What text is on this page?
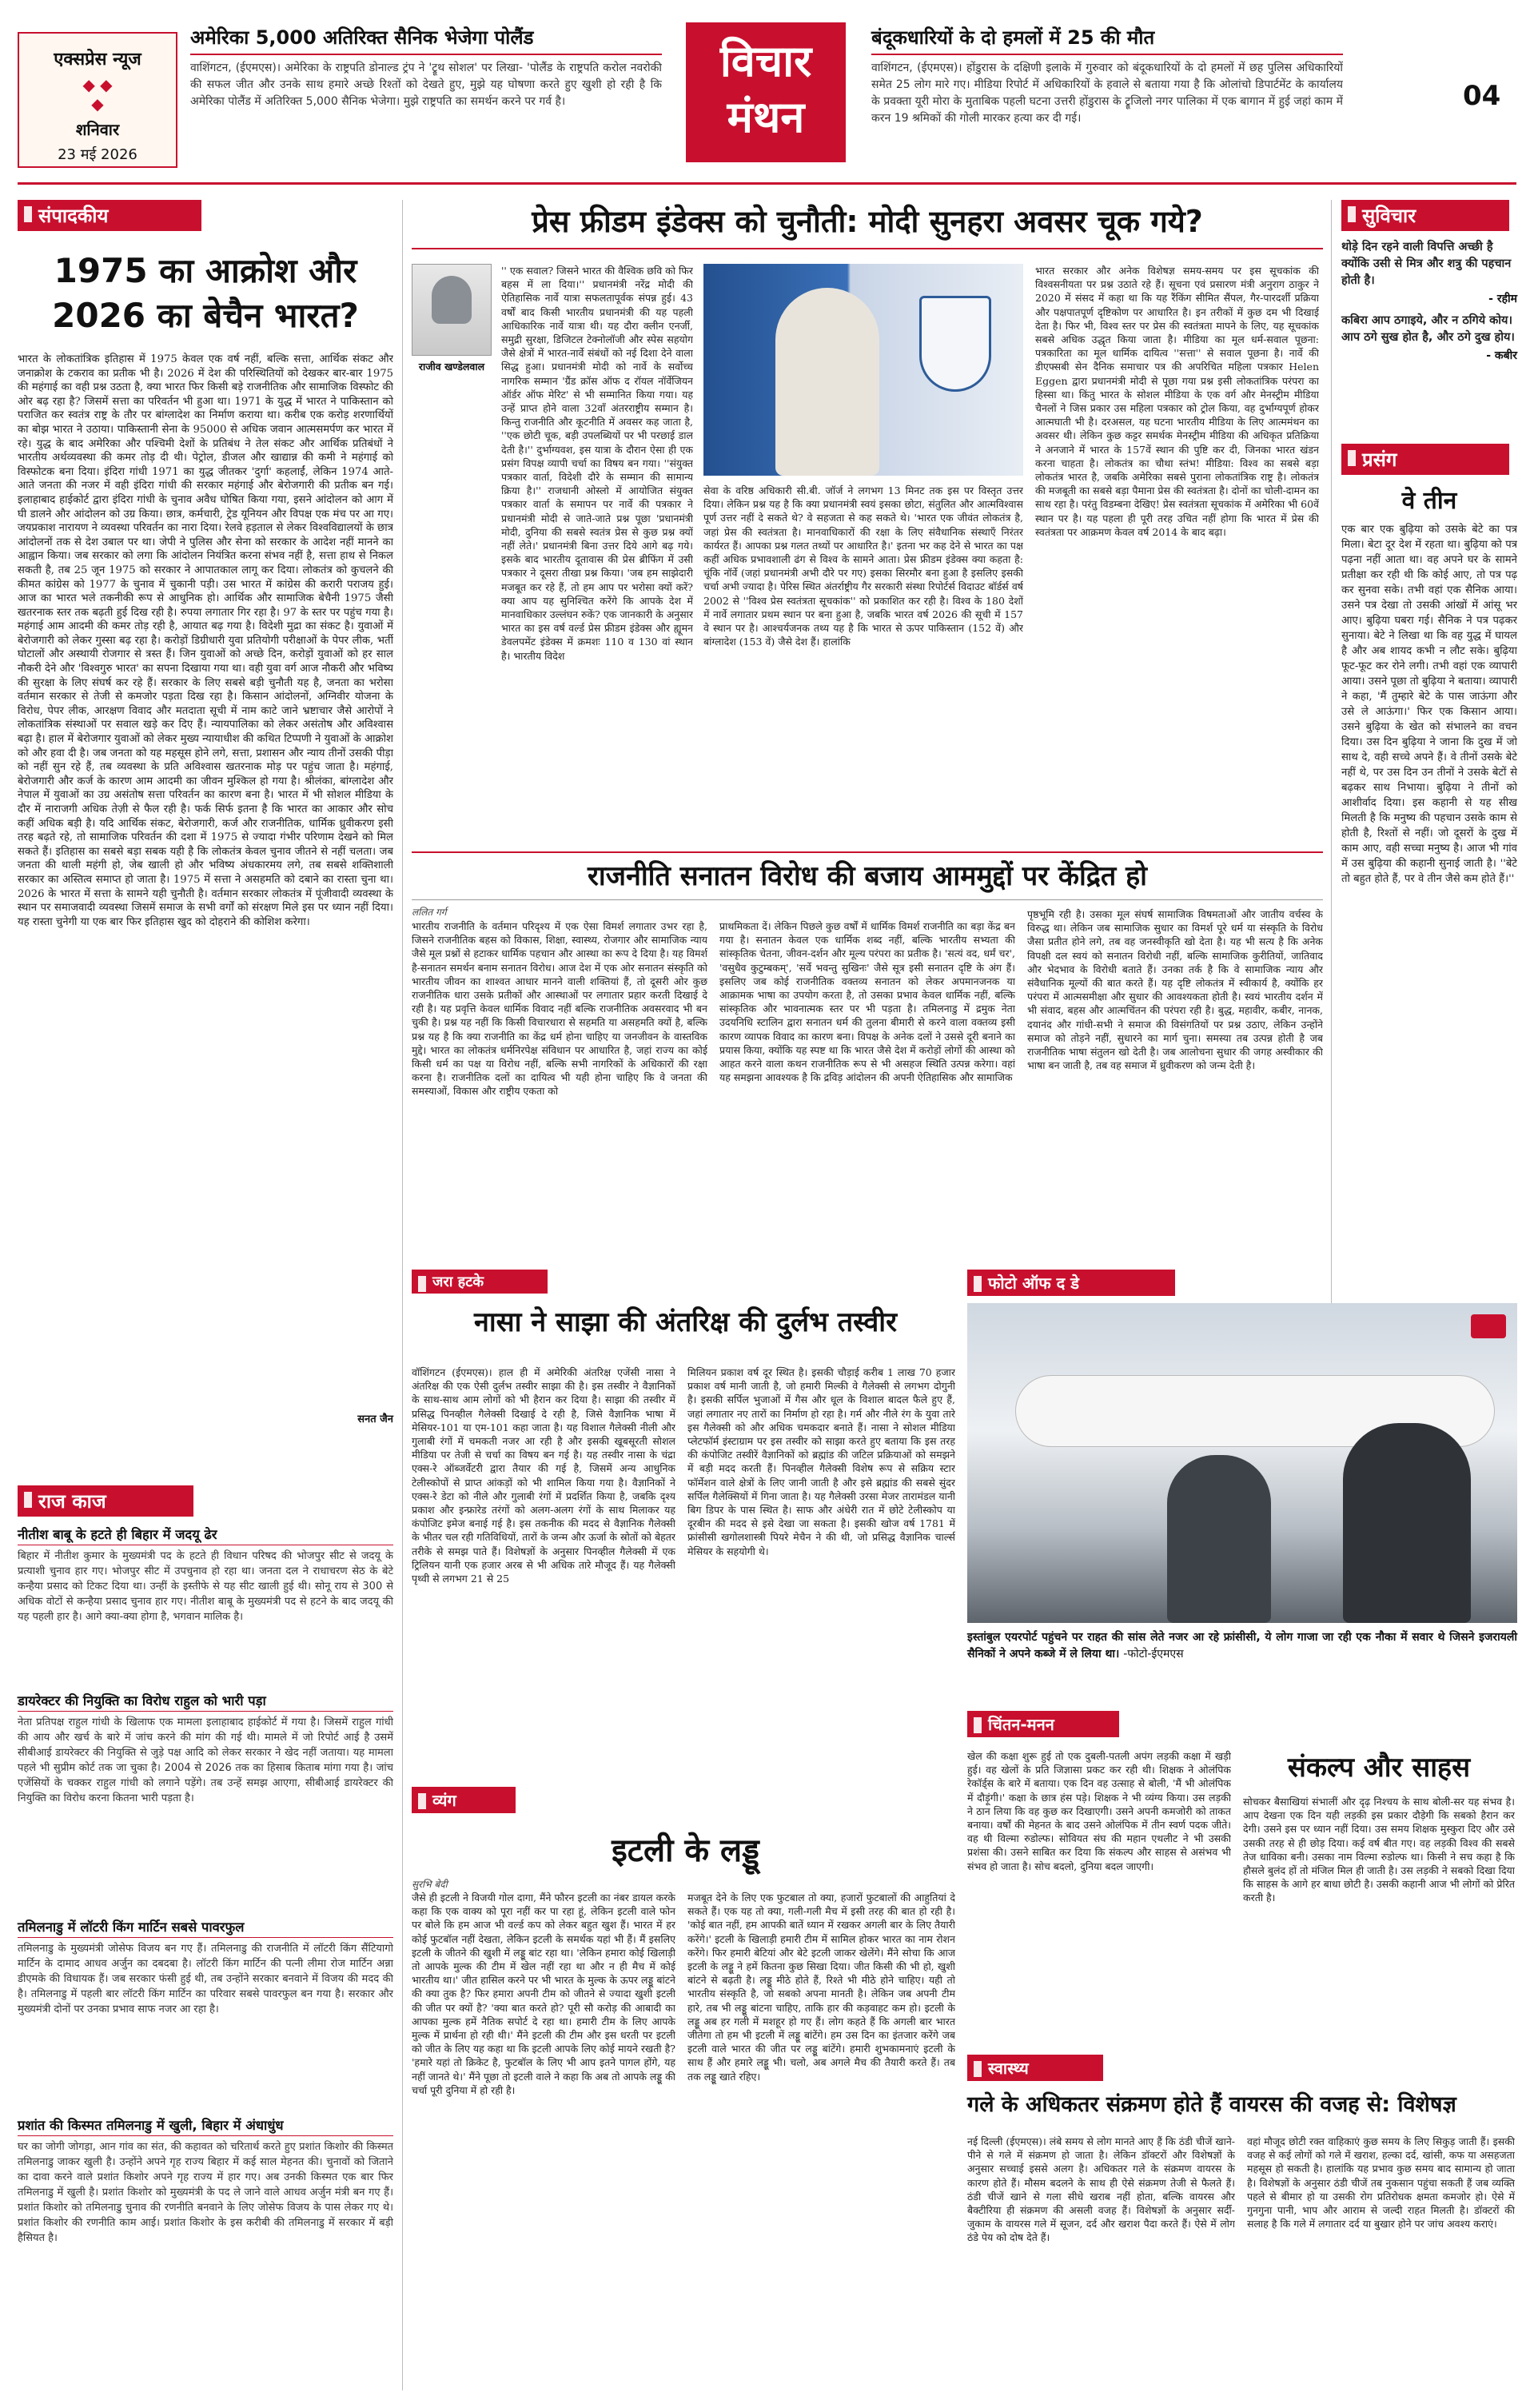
एक्सप्रेस न्यूज
◆ ◆
◆
शनिवार
23 मई 2026
अमेरिका 5,000 अतिरिक्त सैनिक भेजेगा पोलैंड
वाशिंगटन, (ईएमएस)। अमेरिका के राष्ट्रपति डोनाल्ड ट्रंप ने 'ट्रूथ सोशल' पर लिखा- 'पोलैंड के राष्ट्रपति करोल नवरोकी की सफल जीत और उनके साथ हमारे अच्छे रिश्तों को देखते हुए, मुझे यह घोषणा करते हुए खुशी हो रही है कि अमेरिका पोलैंड में अतिरिक्त 5,000 सैनिक भेजेगा। मुझे राष्ट्रपति का समर्थन करने पर गर्व है।
विचार
मंथन
बंदूकधारियों के दो हमलों में 25 की मौत
वाशिंगटन, (ईएमएस)। होंडुरास के दक्षिणी इलाके में गुरुवार को बंदूकधारियों के दो हमलों में छह पुलिस अधिकारियों समेत 25 लोग मारे गए। मीडिया रिपोर्ट में अधिकारियों के हवाले से बताया गया है कि ओलांचो डिपार्टमेंट के कार्यालय के प्रवक्ता यूरी मोरा के मुताबिक पहली घटना उत्तरी होंडुरास के ट्रूजिलो नगर पालिका में एक बागान में हुई जहां काम में करन 19 श्रमिकों की गोली मारकर हत्या कर दी गई।
04
संपादकीय
1975 का आक्रोश और 2026 का बेचैन भारत?
भारत के लोकतांत्रिक इतिहास में 1975 केवल एक वर्ष नहीं, बल्कि सत्ता, आर्थिक संकट और जनाक्रोश के टकराव का प्रतीक भी है। 2026 में देश की परिस्थितियों को देखकर बार-बार 1975 की महंगाई का वही प्रश्न उठता है, क्या भारत फिर किसी बड़े राजनीतिक और सामाजिक विस्फोट की ओर बढ़ रहा है? जिसमें सत्ता का परिवर्तन भी हुआ था। 1971 के युद्ध में भारत ने पाकिस्तान को पराजित कर स्वतंत्र राष्ट्र के तौर पर बांग्लादेश का निर्माण कराया था। करीब एक करोड़ शरणार्थियों का बोझ भारत ने उठाया। पाकिस्तानी सेना के 95000 से अधिक जवान आत्मसमर्पण कर भारत में रहे। युद्ध के बाद अमेरिका और पश्चिमी देशों के प्रतिबंध ने तेल संकट और आर्थिक प्रतिबंधों ने भारतीय अर्थव्यवस्था की कमर तोड़ दी थी। पेट्रोल, डीजल और खाद्यान्न की कमी ने महंगाई को विस्फोटक बना दिया। इंदिरा गांधी 1971 का युद्ध जीतकर 'दुर्गा' कहलाईं, लेकिन 1974 आते-आते जनता की नजर में वही इंदिरा गांधी की सरकार महंगाई और बेरोजगारी की प्रतीक बन गई। इलाहाबाद हाईकोर्ट द्वारा इंदिरा गांधी के चुनाव अवैध घोषित किया गया, इसने आंदोलन को आग में घी डालने और आंदोलन को उग्र किया। छात्र, कर्मचारी, ट्रेड यूनियन और विपक्ष एक मंच पर आ गए। जयप्रकाश नारायण ने व्यवस्था परिवर्तन का नारा दिया। रेलवे हड़ताल से लेकर विश्वविद्यालयों के छात्र आंदोलनों तक से देश उबाल पर था। जेपी ने पुलिस और सेना को सरकार के आदेश नहीं मानने का आह्वान किया। जब सरकार को लगा कि आंदोलन नियंत्रित करना संभव नहीं है, सत्ता हाथ से निकल सकती है, तब 25 जून 1975 को सरकार ने आपातकाल लागू कर दिया। लोकतंत्र को कुचलने की कीमत कांग्रेस को 1977 के चुनाव में चुकानी पड़ी। उस भारत में कांग्रेस की करारी पराजय हुई। आज का भारत भले तकनीकी रूप से आधुनिक हो। आर्थिक और सामाजिक बेचैनी 1975 जैसी खतरनाक स्तर तक बढ़ती हुई दिख रही है। रुपया लगातार गिर रहा है। 97 के स्तर पर पहुंच गया है। महंगाई आम आदमी की कमर तोड़ रही है, आयात बढ़ गया है। विदेशी मुद्रा का संकट है। युवाओं में बेरोजगारी को लेकर गुस्सा बढ़ रहा है। करोड़ों डिग्रीधारी युवा प्रतियोगी परीक्षाओं के पेपर लीक, भर्ती घोटालों और अस्थायी रोजगार से त्रस्त हैं। जिन युवाओं को अच्छे दिन, करोड़ों युवाओं को हर साल नौकरी देने और 'विश्वगुरु भारत' का सपना दिखाया गया था। वही युवा वर्ग आज नौकरी और भविष्य की सुरक्षा के लिए संघर्ष कर रहे हैं। सरकार के लिए सबसे बड़ी चुनौती यह है, जनता का भरोसा वर्तमान सरकार से तेजी से कमजोर पड़ता दिख रहा है। किसान आंदोलनों, अग्निवीर योजना के विरोध, पेपर लीक, आरक्षण विवाद और मतदाता सूची में नाम काटे जाने भ्रष्टाचार जैसे आरोपों ने लोकतांत्रिक संस्थाओं पर सवाल खड़े कर दिए हैं। न्यायपालिका को लेकर असंतोष और अविश्वास बढ़ा है। हाल में बेरोजगार युवाओं को लेकर मुख्य न्यायाधीश की कथित टिप्पणी ने युवाओं के आक्रोश को और हवा दी है। जब जनता को यह महसूस होने लगे, सत्ता, प्रशासन और न्याय तीनों उसकी पीड़ा को नहीं सुन रहे हैं, तब व्यवस्था के प्रति अविश्वास खतरनाक मोड़ पर पहुंच जाता है। महंगाई, बेरोजगारी और कर्ज के कारण आम आदमी का जीवन मुश्किल हो गया है। श्रीलंका, बांग्लादेश और नेपाल में युवाओं का उग्र असंतोष सत्ता परिवर्तन का कारण बना है। भारत में भी सोशल मीडिया के दौर में नाराजगी अधिक तेज़ी से फैल रही है। फर्क सिर्फ इतना है कि भारत का आकार और सोच कहीं अधिक बड़ी है। यदि आर्थिक संकट, बेरोजगारी, कर्ज और राजनीतिक, धार्मिक ध्रुवीकरण इसी तरह बढ़ते रहे, तो सामाजिक परिवर्तन की दशा में 1975 से ज्यादा गंभीर परिणाम देखने को मिल सकते हैं। इतिहास का सबसे बड़ा सबक यही है कि लोकतंत्र केवल चुनाव जीतने से नहीं चलता। जब जनता की थाली महंगी हो, जेब खाली हो और भविष्य अंधकारमय लगे, तब सबसे शक्तिशाली सरकार का अस्तित्व समाप्त हो जाता है। 1975 में सत्ता ने असहमति को दबाने का रास्ता चुना था। 2026 के भारत में सत्ता के सामने यही चुनौती है। वर्तमान सरकार लोकतंत्र में पूंजीवादी व्यवस्था के स्थान पर समाजवादी व्यवस्था जिसमें समाज के सभी वर्गों को संरक्षण मिले इस पर ध्यान नहीं दिया। यह रास्ता चुनेगी या एक बार फिर इतिहास खुद को दोहराने की कोशिश करेगा।
सनत जैन
राज काज
नीतीश बाबू के हटते ही बिहार में जदयू ढेर
बिहार में नीतीश कुमार के मुख्यमंत्री पद के हटते ही विधान परिषद की भोजपुर सीट से जदयू के प्रत्याशी चुनाव हार गए। भोजपुर सीट में उपचुनाव हो रहा था। जनता दल ने राधाचरण सेठ के बेटे कन्हैया प्रसाद को टिकट दिया था। उन्हीं के इस्तीफे से यह सीट खाली हुई थी। सोनू राय से 300 से अधिक वोटों से कन्हैया प्रसाद चुनाव हार गए। नीतीश बाबू के मुख्यमंत्री पद से हटने के बाद जदयू की यह पहली हार है। आगे क्या-क्या होगा है, भगवान मालिक है।
डायरेक्टर की नियुक्ति का विरोध राहुल को भारी पड़ा
नेता प्रतिपक्ष राहुल गांधी के खिलाफ एक मामला इलाहाबाद हाईकोर्ट में गया है। जिसमें राहुल गांधी की आय और खर्च के बारे में जांच करने की मांग की गई थी। मामले में जो रिपोर्ट आई है उसमें सीबीआई डायरेक्टर की नियुक्ति से जुड़े पक्ष आदि को लेकर सरकार ने खेद नहीं जताया। यह मामला पहले भी सुप्रीम कोर्ट तक जा चुका है। 2004 से 2026 तक का हिसाब किताब मांगा गया है। जांच एजेंसियों के चक्कर राहुल गांधी को लगाने पड़ेंगे। तब उन्हें समझ आएगा, सीबीआई डायरेक्टर की नियुक्ति का विरोध करना कितना भारी पड़ता है।
तमिलनाडु में लॉटरी किंग मार्टिन सबसे पावरफुल
तमिलनाडु के मुख्यमंत्री जोसेफ विजय बन गए हैं। तमिलनाडु की राजनीति में लॉटरी किंग सैंटियागो मार्टिन के दामाद आधव अर्जुन का दबदबा है। लॉटरी किंग मार्टिन की पत्नी लीमा रोज मार्टिन अन्ना डीएमके की विधायक हैं। जब सरकार फंसी हुई थी, तब उन्होंने सरकार बनवाने में विजय की मदद की है। तमिलनाडु में पहली बार लॉटरी किंग मार्टिन का परिवार सबसे पावरफुल बन गया है। सरकार और मुख्यमंत्री दोनों पर उनका प्रभाव साफ नजर आ रहा है।
प्रशांत की किस्मत तमिलनाडु में खुली, बिहार में अंधाधुंध
घर का जोगी जोगड़ा, आन गांव का संत, की कहावत को चरितार्थ करते हुए प्रशांत किशोर की किस्मत तमिलनाडु जाकर खुली है। उन्होंने अपने गृह राज्य बिहार में कई साल मेहनत की। चुनावों को जिताने का दावा करने वाले प्रशांत किशोर अपने गृह राज्य में हार गए। अब उनकी किस्मत एक बार फिर तमिलनाडु में खुली है। प्रशांत किशोर को मुख्यमंत्री के पद ले जाने वाले आधव अर्जुन मंत्री बन गए हैं। प्रशांत किशोर को तमिलनाडु चुनाव की रणनीति बनवाने के लिए जोसेफ विजय के पास लेकर गए थे। प्रशांत किशोर की रणनीति काम आई। प्रशांत किशोर के इस करीबी की तमिलनाडु में सरकार में बड़ी हैसियत है।
प्रेस फ्रीडम इंडेक्स को चुनौती: मोदी सुनहरा अवसर चूक गये?
राजीव खण्डेलवाल
'' एक सवाल? जिसने भारत की वैश्विक छवि को फिर बहस में ला दिया।'' प्रधानमंत्री नरेंद्र मोदी की ऐतिहासिक नार्वे यात्रा सफलतापूर्वक संपन्न हुई। 43 वर्षों बाद किसी भारतीय प्रधानमंत्री की यह पहली आधिकारिक नार्वे यात्रा थी। यह दौरा क्लीन एनर्जी, समुद्री सुरक्षा, डिजिटल टेक्नोलॉजी और स्पेस सहयोग जैसे क्षेत्रों में भारत-नार्वे संबंधों को नई दिशा देने वाला सिद्ध हुआ। प्रधानमंत्री मोदी को नार्वे के सर्वोच्च नागरिक सम्मान 'ग्रैंड क्रॉस ऑफ द रॉयल नॉर्वेजियन ऑर्डर ऑफ मेरिट' से भी सम्मानित किया गया। यह उन्हें प्राप्त होने वाला 32वाँ अंतरराष्ट्रीय सम्मान है। किन्तु राजनीति और कूटनीति में अवसर कह जाता है, ''एक छोटी चूक, बड़ी उपलब्धियों पर भी परछाई डाल देती है।'' दुर्भाग्यवश, इस यात्रा के दौरान ऐसा ही एक प्रसंग विपक्ष व्यापी चर्चा का विषय बन गया। ''संयुक्त पत्रकार वार्ता, विदेशी दौरे के सम्मान की सामान्य क्रिया है।'' राजधानी ओस्लो में आयोजित संयुक्त पत्रकार वार्ता के समापन पर नार्वे की पत्रकार ने प्रधानमंत्री मोदी से जाते-जाते प्रश्न पूछा 'प्रधानमंत्री मोदी, दुनिया की सबसे स्वतंत्र प्रेस से कुछ प्रश्न क्यों नहीं लेते।' प्रधानमंत्री बिना उत्तर दिये आगे बढ़ गये। इसके बाद भारतीय दूतावास की प्रेस ब्रीफिंग में उसी पत्रकार ने दूसरा तीखा प्रश्न किया। 'जब हम साझेदारी मजबूत कर रहे हैं, तो हम आप पर भरोसा क्यों करें? क्या आप यह सुनिश्चित करेंगे कि आपके देश में मानवाधिकार उल्लंघन रुकें? एक जानकारी के अनुसार भारत का इस वर्ष वर्ल्ड प्रेस फ्रीडम इंडेक्स और ह्यूमन डेवलपमेंट इंडेक्स में क्रमशः 110 व 130 वां स्थान है। भारतीय विदेश
सेवा के वरिष्ठ अधिकारी सी.बी. जॉर्ज ने लगभग 13 मिनट तक इस पर विस्तृत उत्तर दिया। लेकिन प्रश्न यह है कि क्या प्रधानमंत्री स्वयं इसका छोटा, संतुलित और आत्मविश्वास पूर्ण उत्तर नहीं दे सकते थे? वे सहजता से कह सकते थे। 'भारत एक जीवंत लोकतंत्र है, जहां प्रेस की स्वतंत्रता है। मानवाधिकारों की रक्षा के लिए संवैधानिक संस्थाएँ निरंतर कार्यरत हैं। आपका प्रश्न गलत तथ्यों पर आधारित है।' इतना भर कह देने से भारत का पक्ष कहीं अधिक प्रभावशाली ढंग से विश्व के सामने आता। प्रेस फ्रीडम इंडेक्स क्या कहता है: चूंकि नॉर्वे (जहां प्रधानमंत्री अभी दौरे पर गए) इसका सिरमौर बना हुआ है इसलिए इसकी चर्चा अभी ज्यादा है। पेरिस स्थित अंतर्राष्ट्रीय गैर सरकारी संस्था रिपोर्टर्स विदाउट बॉर्डर्स वर्ष 2002 से ''विश्व प्रेस स्वतंत्रता सूचकांक'' को प्रकाशित कर रही है। विश्व के 180 देशों में नार्वे लगातार प्रथम स्थान पर बना हुआ है, जबकि भारत वर्ष 2026 की सूची में 157 वे स्थान पर है। आश्चर्यजनक तथ्य यह है कि भारत से ऊपर पाकिस्तान (152 वें) और बांग्लादेश (153 वें) जैसे देश हैं। हालांकि
भारत सरकार और अनेक विशेषज्ञ समय-समय पर इस सूचकांक की विश्वसनीयता पर प्रश्न उठाते रहे हैं। सूचना एवं प्रसारण मंत्री अनुराग ठाकुर ने 2020 में संसद में कहा था कि यह रैंकिंग सीमित सैंपल, गैर-पारदर्शी प्रक्रिया और पक्षपातपूर्ण दृष्टिकोण पर आधारित है। इन तरीकों में कुछ दम भी दिखाई देता है। फिर भी, विश्व स्तर पर प्रेस की स्वतंत्रता मापने के लिए, यह सूचकांक सबसे अधिक उद्धृत किया जाता है। मीडिया का मूल धर्म-सवाल पूछना: पत्रकारिता का मूल धार्मिक दायित्व ''सत्ता'' से सवाल पूछना है। नार्वे की डीएफ्सबी सेन दैनिक समाचार पत्र की अपरिचित महिला पत्रकार Helen Eggen द्वारा प्रधानमंत्री मोदी से पूछा गया प्रश्न इसी लोकतांत्रिक परंपरा का हिस्सा था। किंतु भारत के सोशल मीडिया के एक वर्ग और मेनस्ट्रीम मीडिया चैनलों ने जिस प्रकार उस महिला पत्रकार को ट्रोल किया, वह दुर्भाग्यपूर्ण होकर आत्मघाती भी है। दरअसल, यह घटना भारतीय मीडिया के लिए आत्ममंथन का अवसर थी। लेकिन कुछ कट्टर समर्थक मेनस्ट्रीम मीडिया की अधिकृत प्रतिक्रिया ने अनजाने में भारत के 157वें स्थान की पुष्टि कर दी, जिनका भारत खंडन करना चाहता है। लोकतंत्र का चौथा स्तंभ! मीडिया: विश्व का सबसे बड़ा लोकतंत्र भारत है, जबकि अमेरिका सबसे पुराना लोकतांत्रिक राष्ट्र है। लोकतंत्र की मजबूती का सबसे बड़ा पैमाना प्रेस की स्वतंत्रता है। दोनों का चोली-दामन का साथ रहा है। परंतु विडम्बना देखिए! प्रेस स्वतंत्रता सूचकांक में अमेरिका भी 60वें स्थान पर है। यह पहला ही पूरी तरह उचित नहीं होगा कि भारत में प्रेस की स्वतंत्रता पर आक्रमण केवल वर्ष 2014 के बाद बढ़ा।
सुविचार
थोड़े दिन रहने वाली विपत्ति अच्छी है क्योंकि उसी से मित्र और शत्रु की पहचान होती है।
- रहीम
कबिरा आप ठगाइये, और न ठगिये कोय। आप ठगे सुख होत है, और ठगे दुख होय।
- कबीर
प्रसंग
वे तीन
एक बार एक बुढ़िया को उसके बेटे का पत्र मिला। बेटा दूर देश में रहता था। बुढ़िया को पत्र पढ़ना नहीं आता था। वह अपने घर के सामने प्रतीक्षा कर रही थी कि कोई आए, तो पत्र पढ़ कर सुनवा सके। तभी वहां एक सैनिक आया। उसने पत्र देखा तो उसकी आंखों में आंसू भर आए। बुढ़िया घबरा गई। सैनिक ने पत्र पढ़कर सुनाया। बेटे ने लिखा था कि वह युद्ध में घायल है और अब शायद कभी न लौट सके। बुढ़िया फूट-फूट कर रोने लगी। तभी वहां एक व्यापारी आया। उसने पूछा तो बुढ़िया ने बताया। व्यापारी ने कहा, 'मैं तुम्हारे बेटे के पास जाऊंगा और उसे ले आऊंगा।' फिर एक किसान आया। उसने बुढ़िया के खेत को संभालने का वचन दिया। उस दिन बुढ़िया ने जाना कि दुख में जो साथ दे, वही सच्चे अपने हैं। वे तीनों उसके बेटे नहीं थे, पर उस दिन उन तीनों ने उसके बेटों से बढ़कर साथ निभाया। बुढ़िया ने तीनों को आशीर्वाद दिया। इस कहानी से यह सीख मिलती है कि मनुष्य की पहचान उसके काम से होती है, रिश्तों से नहीं। जो दूसरों के दुख में काम आए, वही सच्चा मनुष्य है। आज भी गांव में उस बुढ़िया की कहानी सुनाई जाती है। ''बेटे तो बहुत होते हैं, पर वे तीन जैसे कम होते हैं।''
राजनीति सनातन विरोध की बजाय आममुद्दों पर केंद्रित हो
ललित गर्ग
भारतीय राजनीति के वर्तमान परिदृश्य में एक ऐसा विमर्श लगातार उभर रहा है, जिसने राजनीतिक बहस को विकास, शिक्षा, स्वास्थ्य, रोजगार और सामाजिक न्याय जैसे मूल प्रश्नों से हटाकर धार्मिक पहचान और आस्था का रूप दे दिया है। यह विमर्श है-सनातन समर्थन बनाम सनातन विरोध। आज देश में एक ओर सनातन संस्कृति को भारतीय जीवन का शाश्वत आधार मानने वाली शक्तियां हैं, तो दूसरी ओर कुछ राजनीतिक धारा उसके प्रतीकों और आस्थाओं पर लगातार प्रहार करती दिखाई दे रही है। यह प्रवृत्ति केवल धार्मिक विवाद नहीं बल्कि राजनीतिक अवसरवाद भी बन चुकी है। प्रश्न यह नहीं कि किसी विचारधारा से सहमति या असहमति क्यों है, बल्कि प्रश्न यह है कि क्या राजनीति का केंद्र धर्म होना चाहिए या जनजीवन के वास्तविक मुद्दे। भारत का लोकतंत्र धर्मनिरपेक्ष संविधान पर आधारित है, जहां राज्य का कोई किसी धर्म का पक्ष या विरोध नहीं, बल्कि सभी नागरिकों के अधिकारों की रक्षा करना है। राजनीतिक दलों का दायित्व भी यही होना चाहिए कि वे जनता की समस्याओं, विकास और राष्ट्रीय एकता को
प्राथमिकता दें। लेकिन पिछले कुछ वर्षों में धार्मिक विमर्श राजनीति का बड़ा केंद्र बन गया है। सनातन केवल एक धार्मिक शब्द नहीं, बल्कि भारतीय सभ्यता की सांस्कृतिक चेतना, जीवन-दर्शन और मूल्य परंपरा का प्रतीक है। 'सत्यं वद, धर्मं चर', 'वसुधैव कुटुम्बकम्', 'सर्वे भवन्तु सुखिनः' जैसे सूत्र इसी सनातन दृष्टि के अंग हैं। इसलिए जब कोई राजनीतिक वक्तव्य सनातन को लेकर अपमानजनक या आक्रामक भाषा का उपयोग करता है, तो उसका प्रभाव केवल धार्मिक नहीं, बल्कि सांस्कृतिक और भावनात्मक स्तर पर भी पड़ता है। तमिलनाडु में द्रमुक नेता उदयनिधि स्टालिन द्वारा सनातन धर्म की तुलना बीमारी से करने वाला वक्तव्य इसी कारण व्यापक विवाद का कारण बना। विपक्ष के अनेक दलों ने उससे दूरी बनाने का प्रयास किया, क्योंकि यह स्पष्ट था कि भारत जैसे देश में करोड़ों लोगों की आस्था को आहत करने वाला कथन राजनीतिक रूप से भी असहज स्थिति उत्पन्न करेगा। वहां यह समझना आवश्यक है कि द्रविड़ आंदोलन की अपनी ऐतिहासिक और सामाजिक
पृष्ठभूमि रही है। उसका मूल संघर्ष सामाजिक विषमताओं और जातीय वर्चस्व के विरुद्ध था। लेकिन जब सामाजिक सुधार का विमर्श पूरे धर्म या संस्कृति के विरोध जैसा प्रतीत होने लगे, तब वह जनस्वीकृति खो देता है। यह भी सत्य है कि अनेक विपक्षी दल स्वयं को सनातन विरोधी नहीं, बल्कि सामाजिक कुरीतियों, जातिवाद और भेदभाव के विरोधी बताते हैं। उनका तर्क है कि वे सामाजिक न्याय और संवैधानिक मूल्यों की बात करते हैं। यह दृष्टि लोकतंत्र में स्वीकार्य है, क्योंकि हर परंपरा में आत्मसमीक्षा और सुधार की आवश्यकता होती है। स्वयं भारतीय दर्शन में भी संवाद, बहस और आत्मचिंतन की परंपरा रही है। बुद्ध, महावीर, कबीर, नानक, दयानंद और गांधी-सभी ने समाज की विसंगतियों पर प्रश्न उठाए, लेकिन उन्होंने समाज को तोड़ने नहीं, सुधारने का मार्ग चुना। समस्या तब उत्पन्न होती है जब राजनीतिक भाषा संतुलन खो देती है। जब आलोचना सुधार की जगह अस्वीकार की भाषा बन जाती है, तब वह समाज में ध्रुवीकरण को जन्म देती है।
जरा हटके
नासा ने साझा की अंतरिक्ष की दुर्लभ तस्वीर
वॉशिंगटन (ईएमएस)। हाल ही में अमेरिकी अंतरिक्ष एजेंसी नासा ने अंतरिक्ष की एक ऐसी दुर्लभ तस्वीर साझा की है। इस तस्वीर ने वैज्ञानिकों के साथ-साथ आम लोगों को भी हैरान कर दिया है। साझा की तस्वीर में प्रसिद्ध पिनव्हील गैलेक्सी दिखाई दे रही है, जिसे वैज्ञानिक भाषा में मेसियर-101 या एम-101 कहा जाता है। यह विशाल गैलेक्सी नीली और गुलाबी रंगों में चमकती नजर आ रही है और इसकी खूबसूरती सोशल मीडिया पर तेजी से चर्चा का विषय बन गई है। यह तस्वीर नासा के चंद्रा एक्स-रे ऑब्जर्वेटरी द्वारा तैयार की गई है, जिसमें अन्य आधुनिक टेलीस्कोपों से प्राप्त आंकड़ों को भी शामिल किया गया है। वैज्ञानिकों ने एक्स-रे डेटा को नीले और गुलाबी रंगों में प्रदर्शित किया है, जबकि दृश्य प्रकाश और इन्फ्रारेड तरंगों को अलग-अलग रंगों के साथ मिलाकर यह कंपोजिट इमेज बनाई गई है। इस तकनीक की मदद से वैज्ञानिक गैलेक्सी के भीतर चल रही गतिविधियों, तारों के जन्म और ऊर्जा के स्रोतों को बेहतर तरीके से समझ पाते हैं। विशेषज्ञों के अनुसार पिनव्हील गैलेक्सी में एक ट्रिलियन यानी एक हजार अरब से भी अधिक तारे मौजूद हैं। यह गैलेक्सी पृथ्वी से लगभग 21 से 25
मिलियन प्रकाश वर्ष दूर स्थित है। इसकी चौड़ाई करीब 1 लाख 70 हजार प्रकाश वर्ष मानी जाती है, जो हमारी मिल्की वे गैलेक्सी से लगभग दोगुनी है। इसकी सर्पिल भुजाओं में गैस और धूल के विशाल बादल फैले हुए हैं, जहां लगातार नए तारों का निर्माण हो रहा है। गर्म और नीले रंग के युवा तारे इस गैलेक्सी को और अधिक चमकदार बनाते हैं। नासा ने सोशल मीडिया प्लेटफॉर्म इंस्टाग्राम पर इस तस्वीर को साझा करते हुए बताया कि इस तरह की कंपोजिट तस्वीरें वैज्ञानिकों को ब्रह्मांड की जटिल प्रक्रियाओं को समझने में बड़ी मदद करती हैं। पिनव्हील गैलेक्सी विशेष रूप से सक्रिय स्टार फॉर्मेशन वाले क्षेत्रों के लिए जानी जाती है और इसे ब्रह्मांड की सबसे सुंदर सर्पिल गैलेक्सियों में गिना जाता है। यह गैलेक्सी उरसा मेजर तारामंडल यानी बिग डिपर के पास स्थित है। साफ और अंधेरी रात में छोटे टेलीस्कोप या दूरबीन की मदद से इसे देखा जा सकता है। इसकी खोज वर्ष 1781 में फ्रांसीसी खगोलशास्त्री पियरे मेचैन ने की थी, जो प्रसिद्ध वैज्ञानिक चार्ल्स मेसियर के सहयोगी थे।
फोटो ऑफ द डे
इस्तांबुल एयरपोर्ट पहुंचने पर राहत की सांस लेते नजर आ रहे फ्रांसीसी, ये लोग गाजा जा रही एक नौका में सवार थे जिसने इजरायली सैनिकों ने अपने कब्जे में ले लिया था। -फोटो-ईएमएस
व्यंग
इटली के लड्डू
सुरभि बेदी
जैसे ही इटली ने विजयी गोल दागा, मैंने फौरन इटली का नंबर डायल करके कहा कि एक वाक्य को पूरा नहीं कर पा रहा हूं, लेकिन इटली वाले फोन पर बोले कि हम आज भी वर्ल्ड कप को लेकर बहुत खुश हैं। भारत में हर कोई फुटबॉल नहीं देखता, लेकिन इटली के समर्थक यहां भी हैं। मैं इसलिए इटली के जीतने की खुशी में लड्डू बांट रहा था। 'लेकिन हमारा कोई खिलाड़ी तो आपके मुल्क की टीम में खेल नहीं रहा था और न ही मैच में कोई भारतीय था।' जीत हासिल करने पर भी भारत के मुल्क के ऊपर लड्डू बांटने की क्या तुक है? फिर हमारा अपनी टीम को जीतने से ज्यादा खुशी इटली की जीत पर क्यों है? 'क्या बात करते हो? पूरी सौ करोड़ की आबादी का आपका मुल्क हमें नैतिक सपोर्ट दे रहा था। हमारी टीम के लिए आपके मुल्क में प्रार्थना हो रही थी।' मैंने इटली की टीम और इस धरती पर इटली को जीत के लिए यह कहा था कि इटली आपके लिए कोई मायने रखती है? 'हमारे यहां तो क्रिकेट है, फुटबॉल के लिए भी आप इतने पागल होंगे, यह नहीं जानते थे।' मैंने पूछा तो इटली वाले ने कहा कि अब तो आपके लड्डू की चर्चा पूरी दुनिया में हो रही है।
मजबूत देने के लिए एक फुटबाल तो क्या, हजारों फुटबालों की आहुतियां दे सकते हैं। एक यह तो क्या, गली-गली मैच में इसी तरह की बात हो रही है। 'कोई बात नहीं, हम आपकी बातें ध्यान में रखकर अगली बार के लिए तैयारी करेंगे।' इटली के खिलाड़ी हमारी टीम में सामिल होकर भारत का नाम रोशन करेंगे। फिर हमारी बेटियां और बेटे इटली जाकर खेलेंगे। मैंने सोचा कि आज इटली के लड्डू ने हमें कितना कुछ सिखा दिया। जीत किसी की भी हो, खुशी बांटने से बढ़ती है। लड्डू मीठे होते हैं, रिश्ते भी मीठे होने चाहिए। यही तो भारतीय संस्कृति है, जो सबको अपना मानती है। लेकिन जब अपनी टीम हारे, तब भी लड्डू बांटना चाहिए, ताकि हार की कड़वाहट कम हो। इटली के लड्डू अब हर गली में मशहूर हो गए हैं। लोग कहते हैं कि अगली बार भारत जीतेगा तो हम भी इटली में लड्डू बांटेंगे। हम उस दिन का इंतजार करेंगे जब इटली वाले भारत की जीत पर लड्डू बांटेंगे। हमारी शुभकामनाएं इटली के साथ हैं और हमारे लड्डू भी। चलो, अब अगले मैच की तैयारी करते हैं। तब तक लड्डू खाते रहिए।
चिंतन-मनन
खेल की कक्षा शुरू हुई तो एक दुबली-पतली अपंग लड़की कक्षा में खड़ी हुई। वह खेलों के प्रति जिज्ञासा प्रकट कर रही थी। शिक्षक ने ओलंपिक रेकॉर्ड्स के बारे में बताया। एक दिन वह उत्साह से बोली, 'मैं भी ओलंपिक में दौड़ूंगी।' कक्षा के छात्र हंस पड़े। शिक्षक ने भी व्यंग्य किया। उस लड़की ने ठान लिया कि वह कुछ कर दिखाएगी। उसने अपनी कमजोरी को ताकत बनाया। वर्षों की मेहनत के बाद उसने ओलंपिक में तीन स्वर्ण पदक जीते। वह थी विल्मा रुडोल्फ। सोवियत संघ की महान एथलीट ने भी उसकी प्रशंसा की। उसने साबित कर दिया कि संकल्प और साहस से असंभव भी संभव हो जाता है। सोच बदलो, दुनिया बदल जाएगी।
संकल्प और साहस
सोचकर बैसाखियां संभालीं और दृढ़ निश्चय के साथ बोली-सर यह संभव है। आप देखना एक दिन यही लड़की इस प्रकार दौड़ेगी कि सबको हैरान कर देगी। उसने इस पर ध्यान नहीं दिया। उस समय शिक्षक मुस्कुरा दिए और उसे उसकी तरह से ही छोड़ दिया। कई वर्ष बीत गए। वह लड़की विश्व की सबसे तेज धाविका बनी। उसका नाम विल्मा रुडोल्फ था। किसी ने सच कहा है कि हौसले बुलंद हों तो मंजिल मिल ही जाती है। उस लड़की ने सबको दिखा दिया कि साहस के आगे हर बाधा छोटी है। उसकी कहानी आज भी लोगों को प्रेरित करती है।
स्वास्थ्य
गले के अधिकतर संक्रमण होते हैं वायरस की वजह से: विशेषज्ञ
नई दिल्ली (ईएमएस)। लंबे समय से लोग मानते आए हैं कि ठंडी चीजें खाने-पीने से गले में संक्रमण हो जाता है। लेकिन डॉक्टरों और विशेषज्ञों के अनुसार सच्चाई इससे अलग है। अधिकतर गले के संक्रमण वायरस के कारण होते हैं। मौसम बदलने के साथ ही ऐसे संक्रमण तेजी से फैलते हैं। ठंडी चीजें खाने से गला सीधे खराब नहीं होता, बल्कि वायरस और बैक्टीरिया ही संक्रमण की असली वजह हैं। विशेषज्ञों के अनुसार सर्दी-जुकाम के वायरस गले में सूजन, दर्द और खराश पैदा करते हैं। ऐसे में लोग ठंडे पेय को दोष देते हैं।
वहां मौजूद छोटी रक्त वाहिकाएं कुछ समय के लिए सिकुड़ जाती हैं। इसकी वजह से कई लोगों को गले में खराश, हल्का दर्द, खांसी, कफ या असहजता महसूस हो सकती है। हालांकि यह प्रभाव कुछ समय बाद सामान्य हो जाता है। विशेषज्ञों के अनुसार ठंडी चीजें तब नुकसान पहुंचा सकती हैं जब व्यक्ति पहले से बीमार हो या उसकी रोग प्रतिरोधक क्षमता कमजोर हो। ऐसे में गुनगुना पानी, भाप और आराम से जल्दी राहत मिलती है। डॉक्टरों की सलाह है कि गले में लगातार दर्द या बुखार होने पर जांच अवश्य कराएं।
